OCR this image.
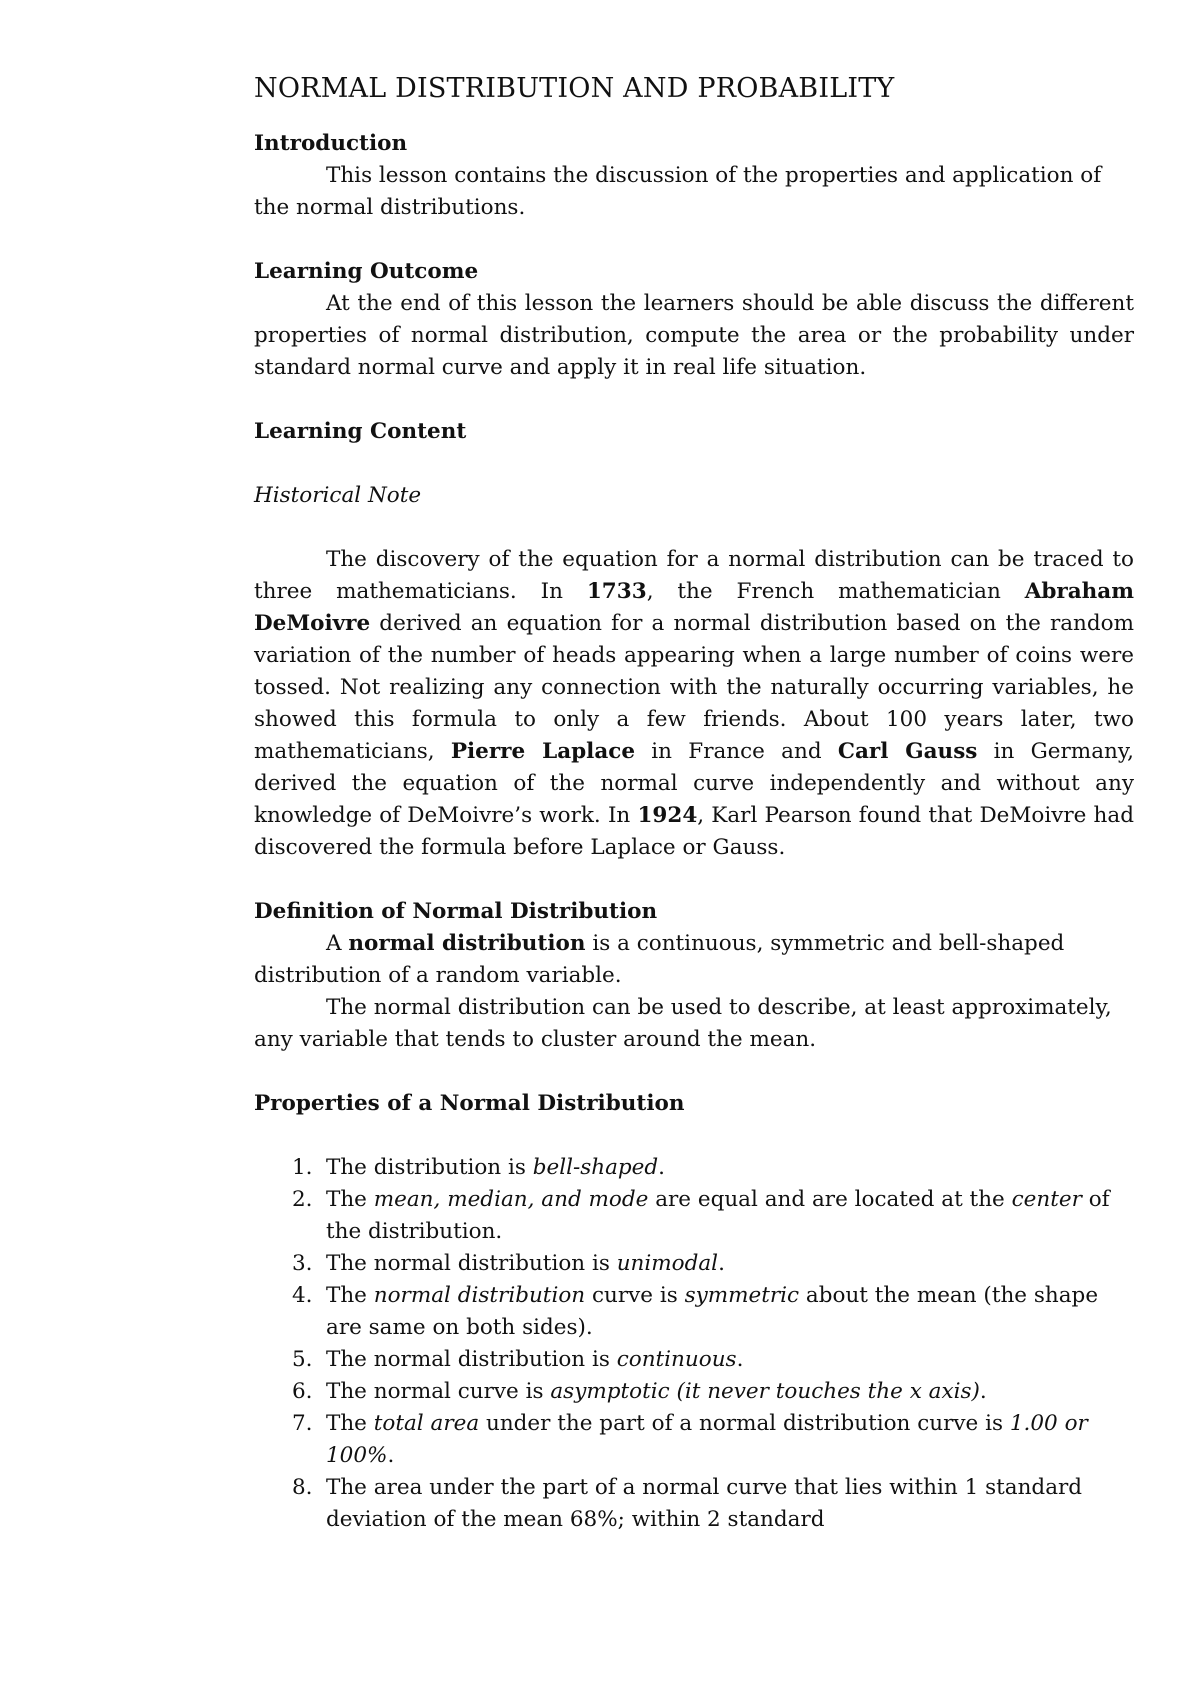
NORMAL DISTRIBUTION AND PROBABILITY

Introduction

This lesson contains the discussion of the properties and application of the normal distributions.

Learning Outcome

At the end of this lesson the learners should be able discuss the different properties of normal distribution, compute the area or the probability under standard normal curve and apply it in real life situation.

Learning Content

Historical Note

The discovery of the equation for a normal distribution can be traced to three mathematicians. In 1733, the French mathematician Abraham DeMoivre derived an equation for a normal distribution based on the random variation of the number of heads appearing when a large number of coins were tossed. Not realizing any connection with the naturally occurring variables, he showed this formula to only a few friends. About 100 years later, two mathematicians, Pierre Laplace in France and Carl Gauss in Germany, derived the equation of the normal curve independently and without any knowledge of DeMoivre’s work. In 1924, Karl Pearson found that DeMoivre had discovered the formula before Laplace or Gauss.

Definition of Normal Distribution

A normal distribution is a continuous, symmetric and bell-shaped distribution of a random variable.

The normal distribution can be used to describe, at least approximately, any variable that tends to cluster around the mean.

Properties of a Normal Distribution

1. The distribution is bell-shaped.
2. The mean, median, and mode are equal and are located at the center of the distribution.
3. The normal distribution is unimodal.
4. The normal distribution curve is symmetric about the mean (the shape are same on both sides).
5. The normal distribution is continuous.
6. The normal curve is asymptotic (it never touches the x axis).
7. The total area under the part of a normal distribution curve is 1.00 or 100%.
8. The area under the part of a normal curve that lies within 1 standard deviation of the mean 68%; within 2 standard
